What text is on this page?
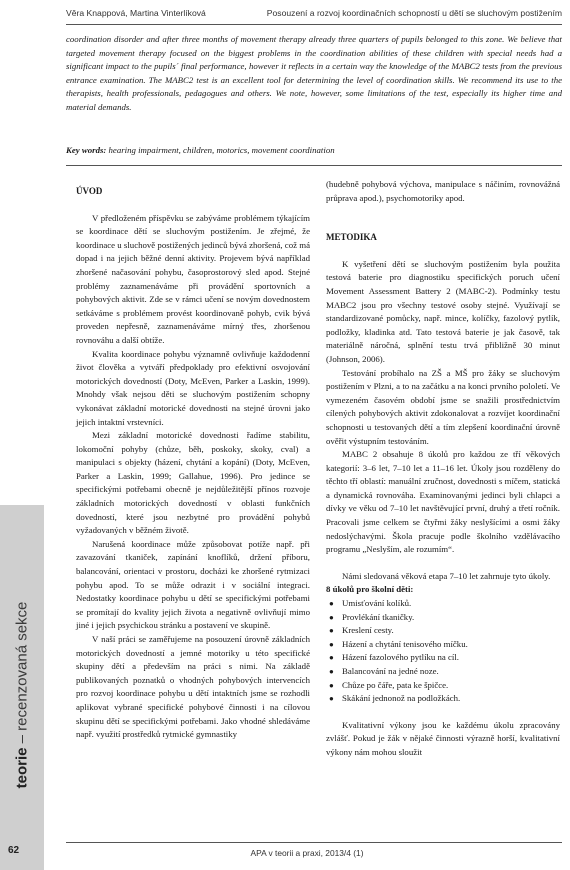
Věra Knappová, Martina Vinterlíková	Posouzení a rozvoj koordinačních schopností u dětí se sluchovým postižením
coordination disorder and after three months of movement therapy already three quarters of pupils belonged to this zone. We believe that targeted movement therapy focused on the biggest problems in the coordination abilities of these children with special needs had a significant impact to the pupils´ final performance, however it reflects in a certain way the knowledge of the MABC2 tests from the previous entrance examination. The MABC2 test is an excellent tool for determining the level of coordination skills. We recommend its use to the therapists, health professionals, pedagogues and others. We note, however, some limitations of the test, especially its higher time and material demands.
Key words: hearing impairment, children, motorics, movement coordination
ÚVOD

V předloženém příspěvku se zabýváme problémem týkajícím se koordinace dětí se sluchovým postižením. Je zřejmé, že koordinace u sluchově postižených jedinců bývá zhoršená, což má dopad i na jejich běžné denní aktivity. Projevem bývá například zhoršené načasování pohybu, časoprostorový sled apod. Stejné problémy zaznamenáváme při provádění sportovních a pohybových aktivit. Zde se v rámci učení se novým dovednostem setkáváme s problémem provést koordinovaně pohyb, cvik bývá proveden nepřesně, zaznamenáváme mírný třes, zhoršenou rovnováhu a další obtíže.

Kvalita koordinace pohybu významně ovlivňuje každodenní život člověka a vytváří předpoklady pro efektivní osvojování motorických dovedností (Doty, McEven, Parker a Laskin, 1999). Mnohdy však nejsou děti se sluchovým postižením schopny vykonávat základní motorické dovednosti na stejné úrovni jako jejich intaktní vrstevníci.

Mezi základní motorické dovednosti řadíme stabilitu, lokomoční pohyby (chůze, běh, poskoky, skoky, cval) a manipulaci s objekty (házení, chytání a kopání) (Doty, McEven, Parker a Laskin, 1999; Gallahue, 1996). Pro jedince se specifickými potřebami obecně je nejdůležitější přínos rozvoje základních motorických dovedností v oblasti funkčních dovedností, které jsou nezbytné pro provádění pohybů vyžadovaných v běžném životě.

Narušená koordinace může způsobovat potíže např. při zavazování tkaniček, zapínání knoflíků, držení příboru, balancování, orientaci v prostoru, docházi ke zhoršené rytmizaci pohybu apod. To se může odrazit i v sociální integraci. Nedostatky koordinace pohybu u dětí se specifickými potřebami se promítají do kvality jejich života a negativně ovlivňují mimo jiné i jejich psychickou stránku a postavení ve skupině.

V naší práci se zaměřujeme na posouzení úrovně základních motorických dovedností a jemné motoriky u této specifické skupiny dětí a především na práci s nimi. Na základě publikovaných poznatků o vhodných pohybových intervencích pro rozvoj koordinace pohybu u dětí intaktních jsme se rozhodli aplikovat vybrané specifické pohybové činnosti i na cílovou skupinu dětí se specifickými potřebami. Jako vhodné shledáváme např. využití prostředků rytmické gymnastiky

(hudebně pohybová výchova, manipulace s náčiním, rovnovážná průprava apod.), psychomotoriky apod.

METODIKA

K vyšetření dětí se sluchovým postižením byla použita testová baterie pro diagnostiku specifických poruch učení Movement Assessment Battery 2 (MABC-2). Podmínky testu MABC2 jsou pro všechny testové osoby stejné. Využívají se standardizované pomůcky, např. mince, kolíčky, fazolový pytlík, podložky, kladinka atd. Tato testová baterie je jak časově, tak materiálně náročná, splnění testu trvá přibližně 30 minut (Johnson, 2006).

Testování probíhalo na ZŠ a MŠ pro žáky se sluchovým postižením v Plzni, a to na začátku a na konci prvního pololetí. Ve vymezeném časovém období jsme se snažili prostřednictvím cílených pohybových aktivit zdokonalovat a rozvíjet koordinační schopnosti u testovaných dětí a tím zlepšení koordinační úrovně ověřit výstupním testováním.

MABC 2 obsahuje 8 úkolů pro každou ze tří věkových kategorií: 3–6 let, 7–10 let a 11–16 let. Úkoly jsou rozděleny do těchto tří oblastí: manuální zručnost, dovednosti s míčem, statická a dynamická rovnováha. Examinovanými jedinci byli chlapci a dívky ve věku od 7–10 let navštěvující první, druhý a třetí ročník. Pracovali jsme celkem se čtyřmi žáky neslyšícími a osmi žáky nedoslýchavými. Škola pracuje podle školního vzdělávacího programu „Neslyším, ale rozumím“.

Námi sledovaná věková etapa 7–10 let zahrnuje tyto úkoly.

8 úkolů pro školní děti:
● Umisťování kolíků.
● Provlékání tkaničky.
● Kreslení cesty.
● Házení a chytání tenisového míčku.
● Házení fazolového pytlíku na cíl.
● Balancování na jedné noze.
● Chůze po čáře, pata ke špičce.
● Skákání jednonož na podložkách.

Kvalitativní výkony jsou ke každému úkolu zpracovány zvlášť. Pokud je žák v nějaké činnosti výrazně horší, kvalitativní výkony nám mohou sloužit

teorie – recenzovaná sekce
62	APA v teorii a praxi, 2013/4 (1)
